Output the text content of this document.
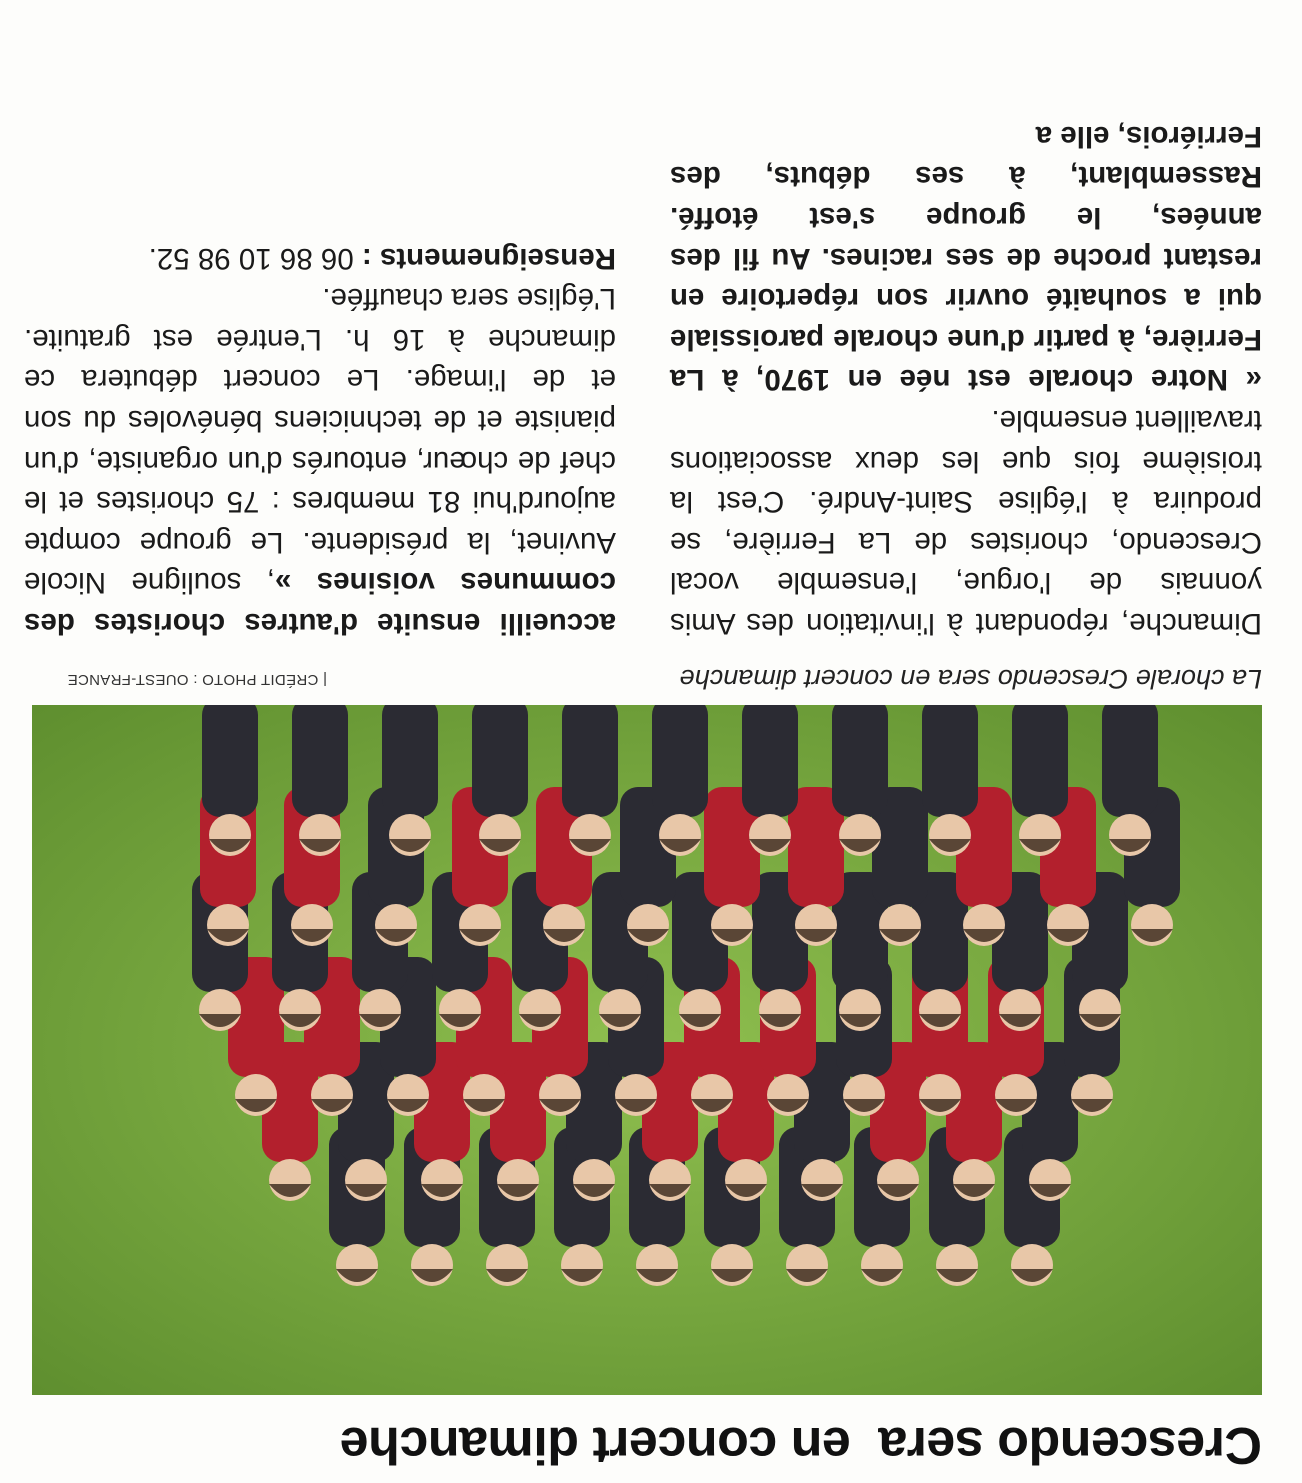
Crescendo sera  en concert dimanche
La chorale Crescendo sera en concert dimanche
| CRÉDIT PHOTO : OUEST-FRANCE

Dimanche, répondant à l'invitation des Amis yonnais de l'orgue, l'ensemble vocal Crescendo, choristes de La Ferrière, se produira à l'église Saint-André. C'est la troisième fois que les deux associations travaillent ensemble.

« Notre chorale est née en 1970, à La Ferrière, à partir d'une chorale paroissiale qui a souhaité ouvrir son répertoire en restant proche de ses racines. Au fil des années, le groupe s'est étoffé. Rassemblant, à ses débuts, des Ferriérois, elle a

accueilli ensuite d'autres choristes des communes voisines », souligne Nicole Auvinet, la présidente. Le groupe compte aujourd'hui 81 membres : 75 choristes et le chef de chœur, entourés d'un organiste, d'un pianiste et de techniciens bénévoles du son et de l'image. Le concert débutera ce dimanche à 16 h. L'entrée est gratuite. L'église sera chauffée.

Renseignements : 06 86 10 98 52.
